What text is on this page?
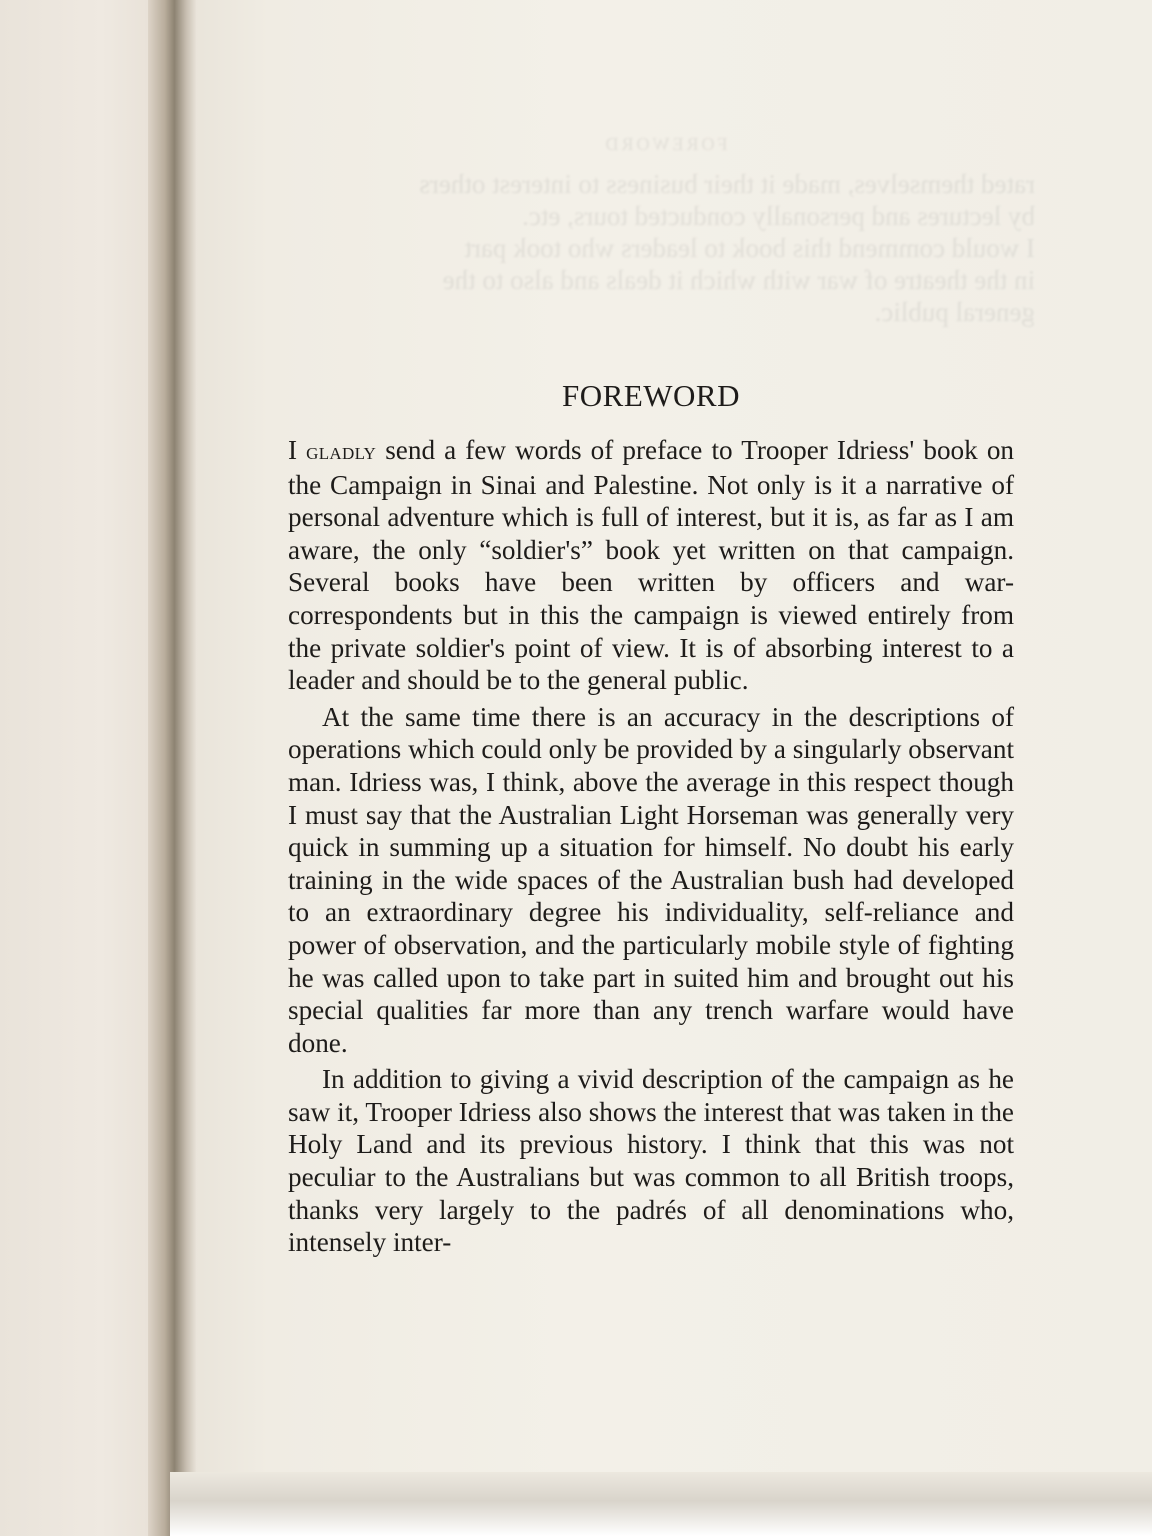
FOREWORD

rated themselves, made it their business to interest others

by lectures and personally conducted tours, etc.

I would commend this book to leaders who took part

in the theatre of war with which it deals and also to the

general public.

FOREWORD

I gladly send a few words of preface to Trooper Idriess' book on the Campaign in Sinai and Palestine. Not only is it a narrative of personal adventure which is full of interest, but it is, as far as I am aware, the only “soldier's” book yet written on that campaign. Several books have been written by officers and war-correspondents but in this the campaign is viewed entirely from the private soldier's point of view. It is of absorbing interest to a leader and should be to the general public.

At the same time there is an accuracy in the descriptions of operations which could only be provided by a singularly observant man. Idriess was, I think, above the average in this respect though I must say that the Australian Light Horseman was generally very quick in summing up a situation for himself. No doubt his early training in the wide spaces of the Australian bush had developed to an extraordinary degree his individuality, self-reliance and power of observation, and the particularly mobile style of fighting he was called upon to take part in suited him and brought out his special qualities far more than any trench warfare would have done.

In addition to giving a vivid description of the campaign as he saw it, Trooper Idriess also shows the interest that was taken in the Holy Land and its previous history. I think that this was not peculiar to the Australians but was common to all British troops, thanks very largely to the padrés of all denominations who, intensely inter-
